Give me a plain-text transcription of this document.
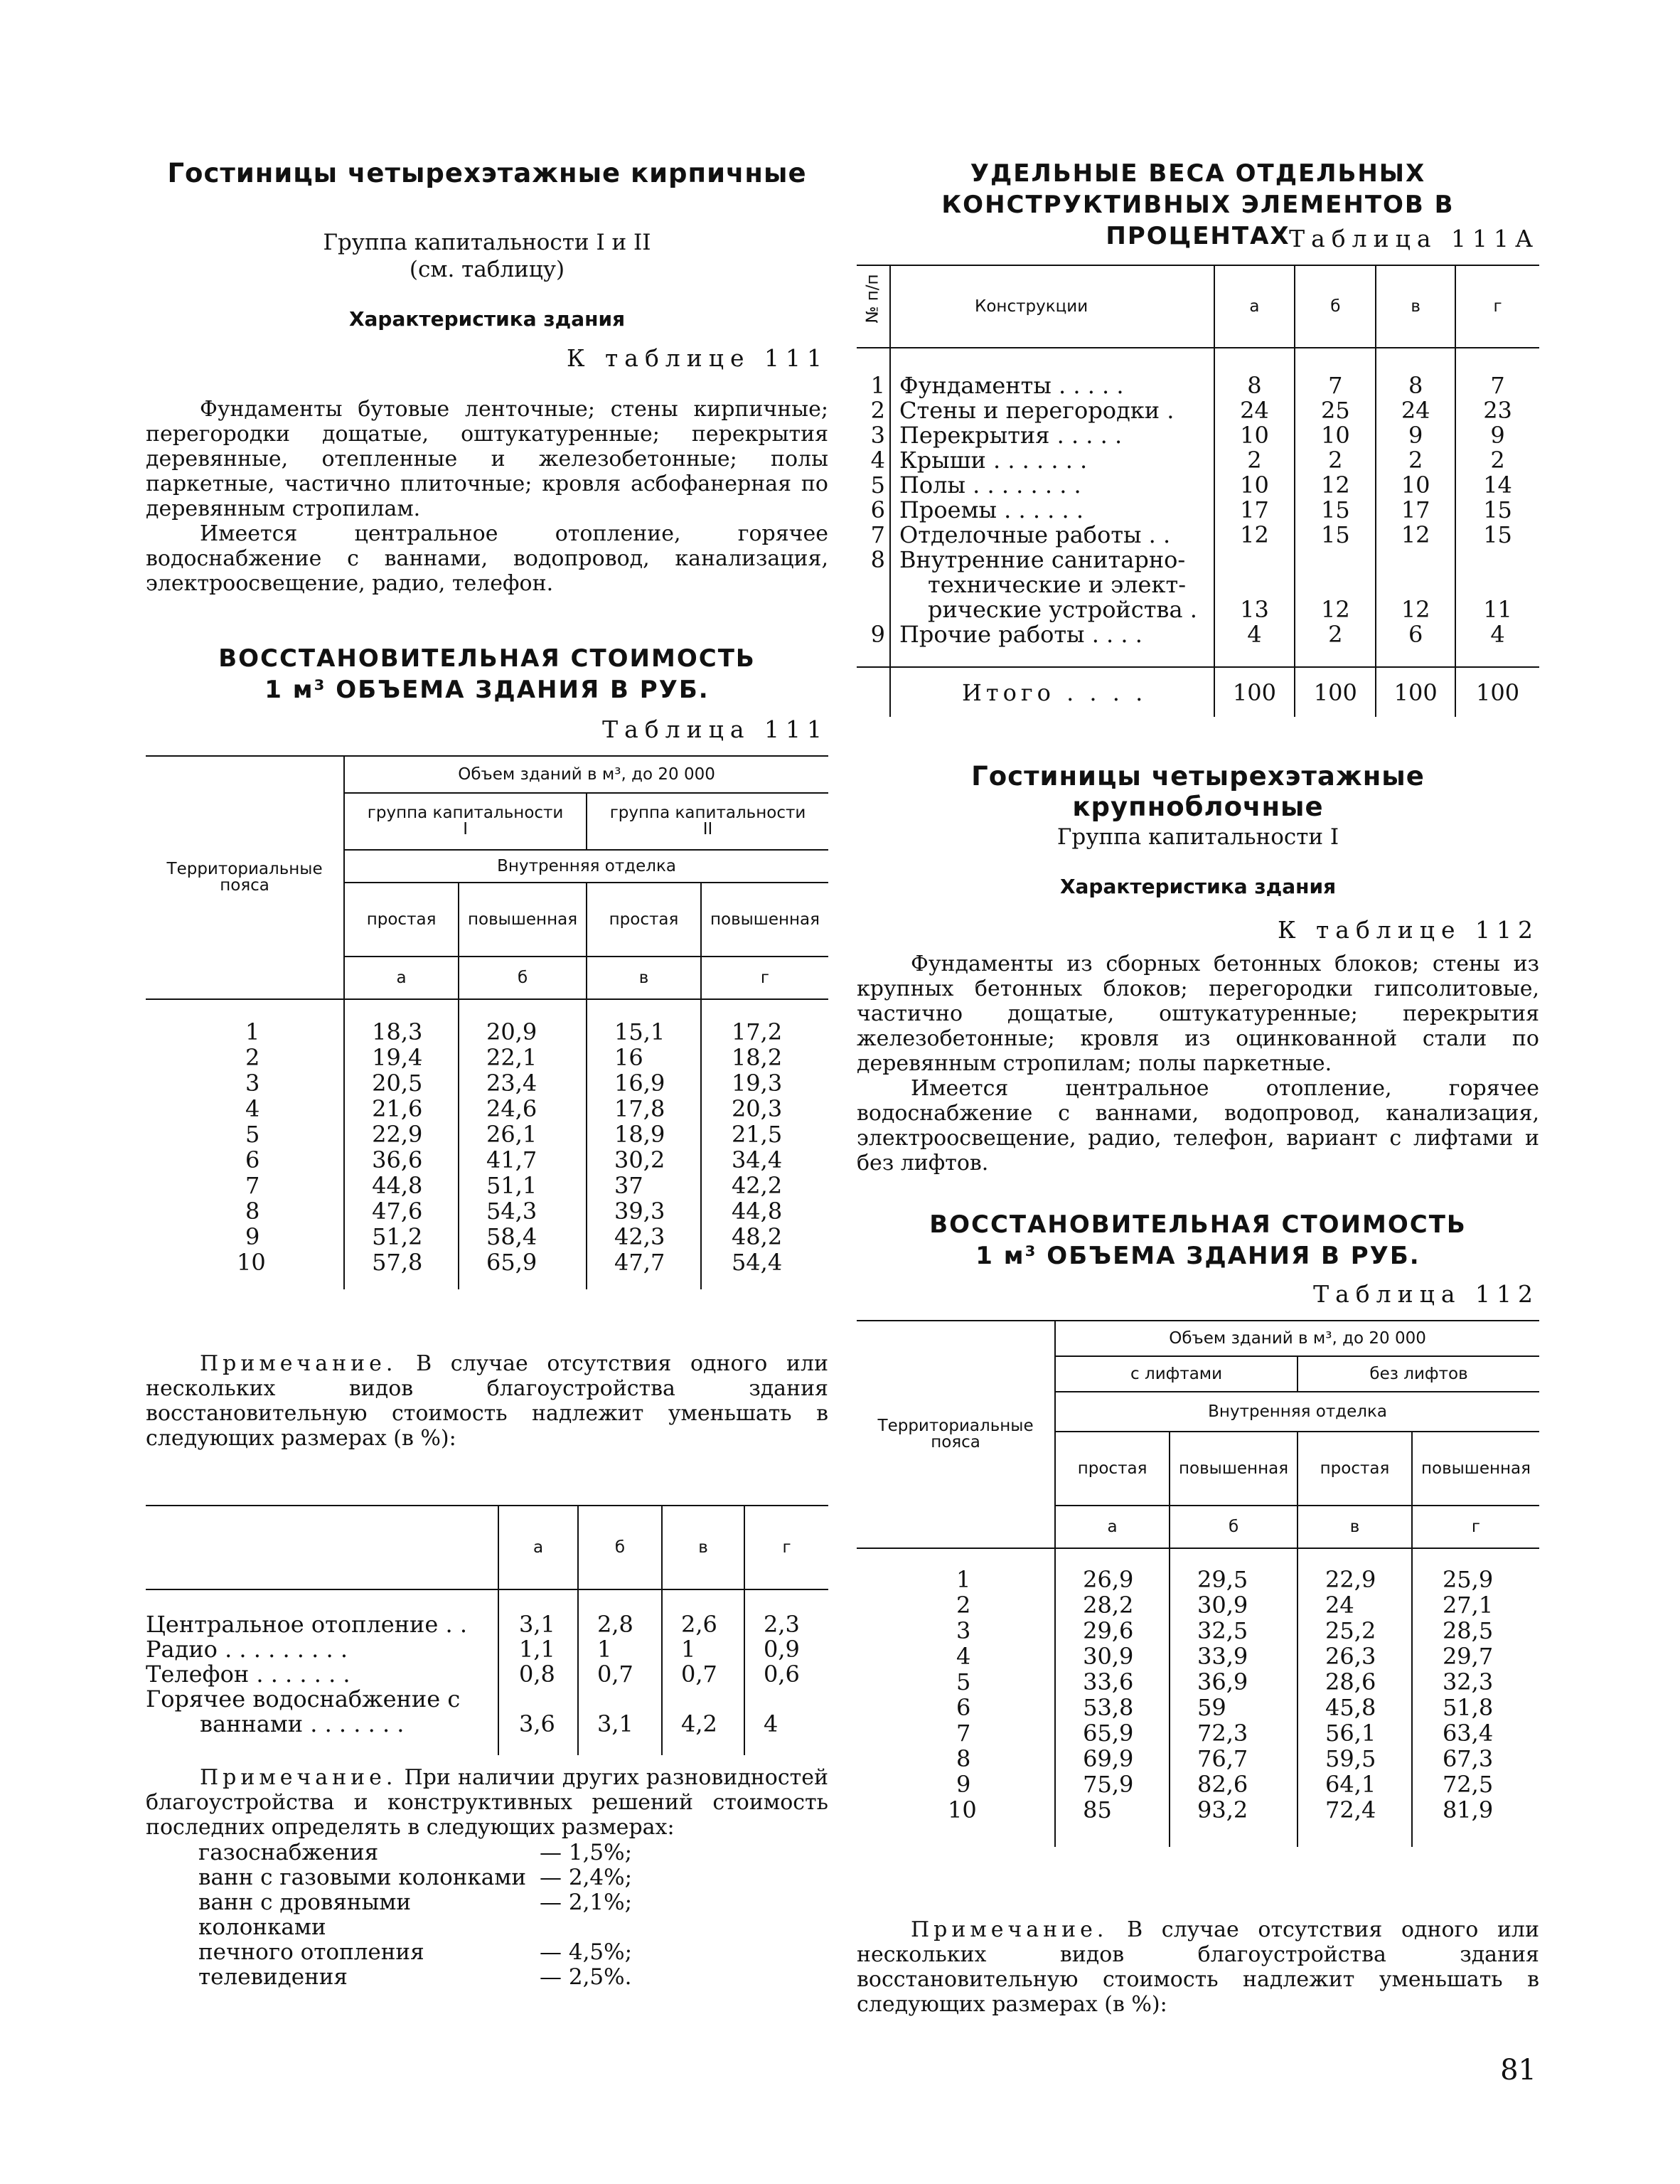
Гостиницы четырехэтажные кирпичные
Группа капитальности I и II
(см. таблицу)
Характеристика здания
К таблице 111

Фундаменты бутовые ленточные; стены кирпичные; перегородки дощатые, оштукатуренные; перекрытия деревянные, отепленные и железобетонные; полы паркетные, частично плиточные; кровля асбофанерная по деревянным стропилам.

Имеется центральное отопление, горячее водоснабжение с ваннами, водопровод, канализация, электроосвещение, радио, телефон.

ВОССТАНОВИТЕЛЬНАЯ СТОИМОСТЬ
1 м³ ОБЪЕМА ЗДАНИЯ В РУБ.
Таблица 111
Территориальные пояса	Объем зданий в м³, до 20 000			
	группа капитальности I		группа капитальности II	
	Внутренняя отделка			
	простая	повышенная	простая	повышенная
	а	б	в	г

1	18,3	20,9	15,1	17,2
2	19,4	22,1	16	18,2
3	20,5	23,4	16,9	19,3
4	21,6	24,6	17,8	20,3
5	22,9	26,1	18,9	21,5
6	36,6	41,7	30,2	34,4
7	44,8	51,1	37	42,2
8	47,6	54,3	39,3	44,8
9	51,2	58,4	42,3	48,2
10	57,8	65,9	47,7	54,4

Примечание. В случае отсутствия одного или нескольких видов благоустройства здания восстановительную стоимость надлежит уменьшать в следующих размерах (в %):

	а	б	в	г

Центральное отопление . .	3,1	2,8	2,6	2,3
Радио . . . . . . . . .	1,1	1	1	0,9
Телефон . . . . . . .	0,8	0,7	0,7	0,6

Горячее водоснабжение с
ваннами . . . . . . .	3,6	3,1	4,2	4

Примечание. При наличии других разновидностей благоустройства и конструктивных решений стоимость последних определять в следующих размерах:

газоснабжения	— 1,5%;
ванн с газовыми колонками — 2,4%;
ванн с дровяными колонками
— 2,1%;
печного отопления	— 4,5%;
телевидения	— 2,5%.
УДЕЛЬНЫЕ ВЕСА ОТДЕЛЬНЫХ
КОНСТРУКТИВНЫХ ЭЛЕМЕНТОВ В ПРОЦЕНТАХ
Таблица 111А
№ п/п	Конструкции	а	б	в	г

1	Фундаменты . . . . .	8	7	8	7
2	Стены и перегородки .	24	25	24	23
3	Перекрытия . . . . .	10	10	9	9
4	Крыши . . . . . . .	2	2	2	2
5	Полы . . . . . . . .	10	12	10	14
6	Проемы . . . . . .	17	15	17	15
7	Отделочные работы . .	12	15	12	15
8	Внутренние санитарно-
технические и элект-
рические устройства .	13	12	12	11
9	Прочие работы . . . .	4	2	6	4

	Итого . . . .	100	100	100	100
Гостиницы четырехэтажные крупноблочные
Группа капитальности I
Характеристика здания
К таблице 112

Фундаменты из сборных бетонных блоков; стены из крупных бетонных блоков; перегородки гипсолитовые, частично дощатые, оштукатуренные; перекрытия железобетонные; кровля из оцинкованной стали по деревянным стропилам; полы паркетные.

Имеется центральное отопление, горячее водоснабжение с ваннами, водопровод, канализация, электроосвещение, радио, телефон, вариант с лифтами и без лифтов.

ВОССТАНОВИТЕЛЬНАЯ СТОИМОСТЬ
1 м³ ОБЪЕМА ЗДАНИЯ В РУБ.
Таблица 112
Территориальные пояса	Объем зданий в м³, до 20 000			
	с лифтами		без лифтов	
	Внутренняя отделка			
	простая	повышенная	простая	повышенная
	а	б	в	г

1	26,9	29,5	22,9	25,9
2	28,2	30,9	24	27,1
3	29,6	32,5	25,2	28,5
4	30,9	33,9	26,3	29,7
5	33,6	36,9	28,6	32,3
6	53,8	59	45,8	51,8
7	65,9	72,3	56,1	63,4
8	69,9	76,7	59,5	67,3
9	75,9	82,6	64,1	72,5
10	85	93,2	72,4	81,9

Примечание. В случае отсутствия одного или нескольких видов благоустройства здания восстановительную стоимость надлежит уменьшать в следующих размерах (в %):

81
